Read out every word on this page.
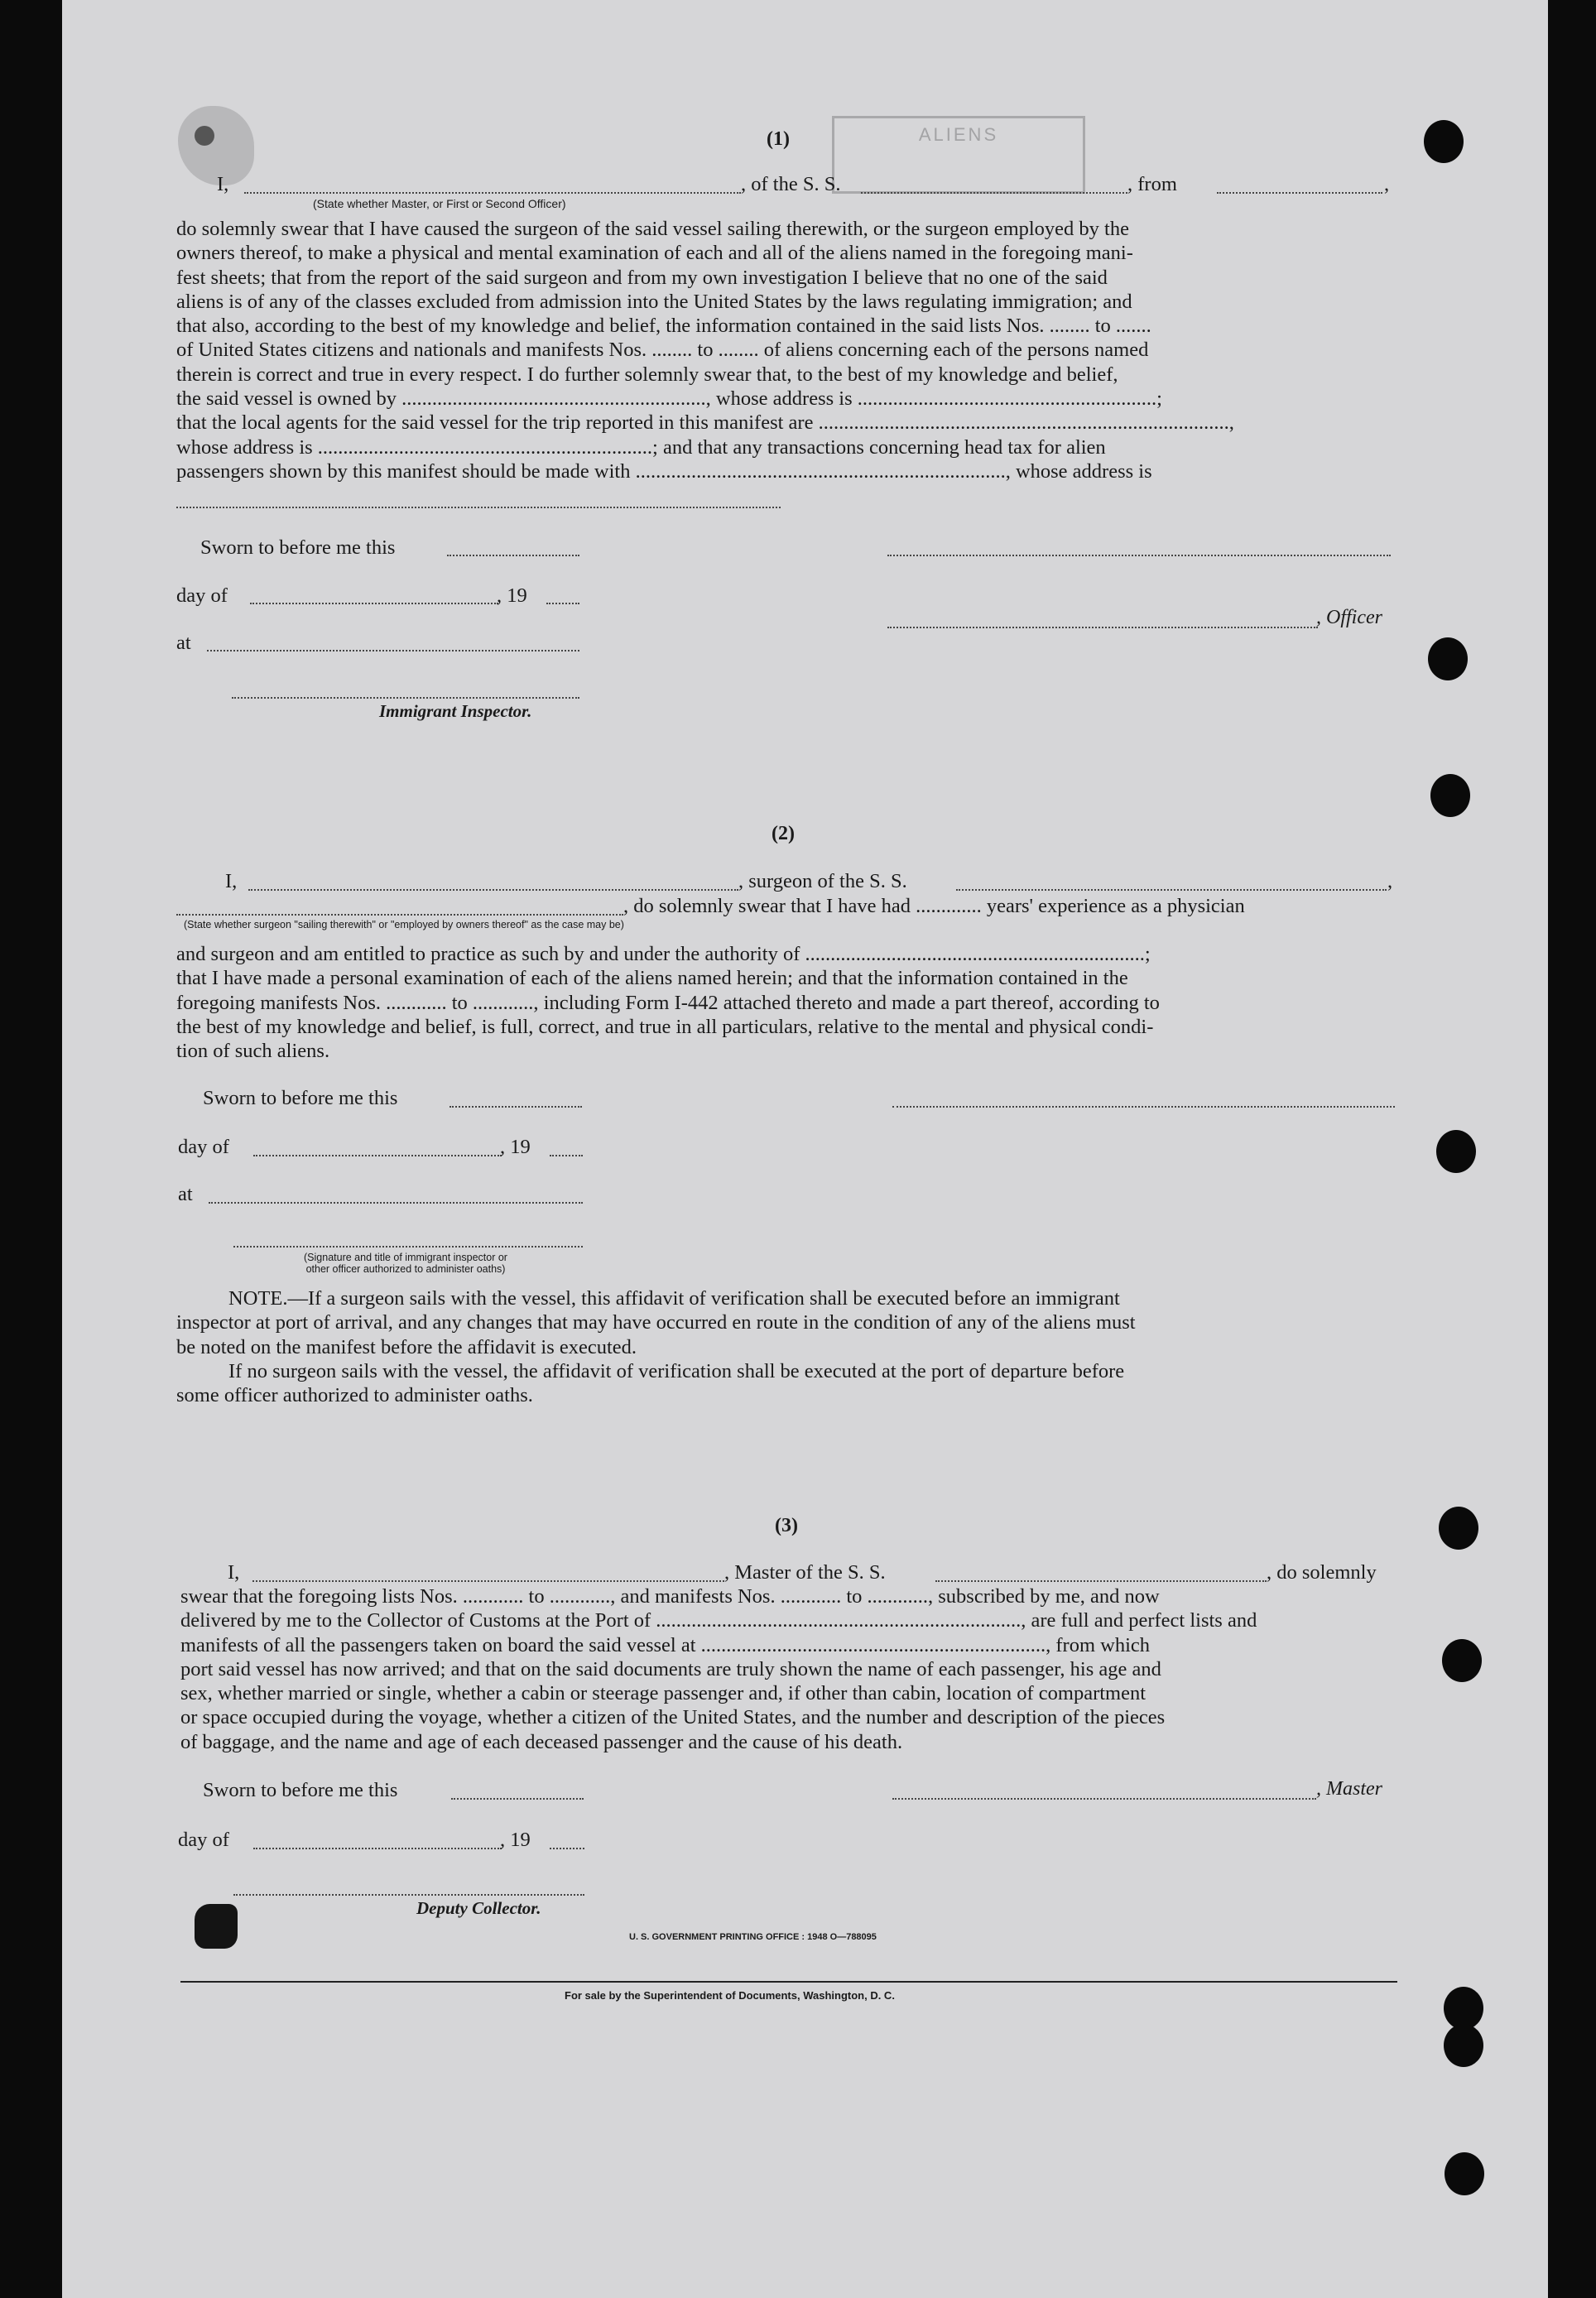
ALIENS
(1)
I,	, of the S. S.	, from	,
(State whether Master, or First or Second Officer)
do solemnly swear that I have caused the surgeon of the said vessel sailing therewith, or the surgeon employed by the
owners thereof, to make a physical and mental examination of each and all of the aliens named in the foregoing mani-
fest sheets; that from the report of the said surgeon and from my own investigation I believe that no one of the said
aliens is of any of the classes excluded from admission into the United States by the laws regulating immigration; and
that also, according to the best of my knowledge and belief, the information contained in the said lists Nos. ........ to .......
of United States citizens and nationals and manifests Nos. ........ to ........ of aliens concerning each of the persons named
therein is correct and true in every respect. I do further solemnly swear that, to the best of my knowledge and belief,
the said vessel is owned by ............................................................, whose address is ...........................................................;
that the local agents for the said vessel for the trip reported in this manifest are .................................................................................,
whose address is ..................................................................; and that any transactions concerning head tax for alien
passengers shown by this manifest should be made with ........................................................................., whose address is
Sworn to before me this
day of	, 19
, Officer
at
Immigrant Inspector.
(2)
I,	, surgeon of the S. S.	,
, do solemnly swear that I have had ............. years' experience as a physician
(State whether surgeon "sailing therewith" or "employed by owners thereof" as the case may be)
and surgeon and am entitled to practice as such by and under the authority of ...................................................................;
that I have made a personal examination of each of the aliens named herein; and that the information contained in the
foregoing manifests Nos. ............ to ............, including Form I-442 attached thereto and made a part thereof, according to
the best of my knowledge and belief, is full, correct, and true in all particulars, relative to the mental and physical condi-
tion of such aliens.
Sworn to before me this
day of	, 19
at
(Signature and title of immigrant inspector or
other officer authorized to administer oaths)
NOTE.—If a surgeon sails with the vessel, this affidavit of verification shall be executed before an immigrant
inspector at port of arrival, and any changes that may have occurred en route in the condition of any of the aliens must
be noted on the manifest before the affidavit is executed.
If no surgeon sails with the vessel, the affidavit of verification shall be executed at the port of departure before
some officer authorized to administer oaths.
(3)
I,	, Master of the S. S.	, do solemnly
swear that the foregoing lists Nos. ............ to ............, and manifests Nos. ............ to ............, subscribed by me, and now
delivered by me to the Collector of Customs at the Port of ........................................................................, are full and perfect lists and
manifests of all the passengers taken on board the said vessel at ...................................................................., from which
port said vessel has now arrived; and that on the said documents are truly shown the name of each passenger, his age and
sex, whether married or single, whether a cabin or steerage passenger and, if other than cabin, location of compartment
or space occupied during the voyage, whether a citizen of the United States, and the number and description of the pieces
of baggage, and the name and age of each deceased passenger and the cause of his death.
Sworn to before me this	, Master
day of	, 19
Deputy Collector.
U. S. GOVERNMENT PRINTING OFFICE : 1948 O—788095
For sale by the Superintendent of Documents, Washington, D. C.
